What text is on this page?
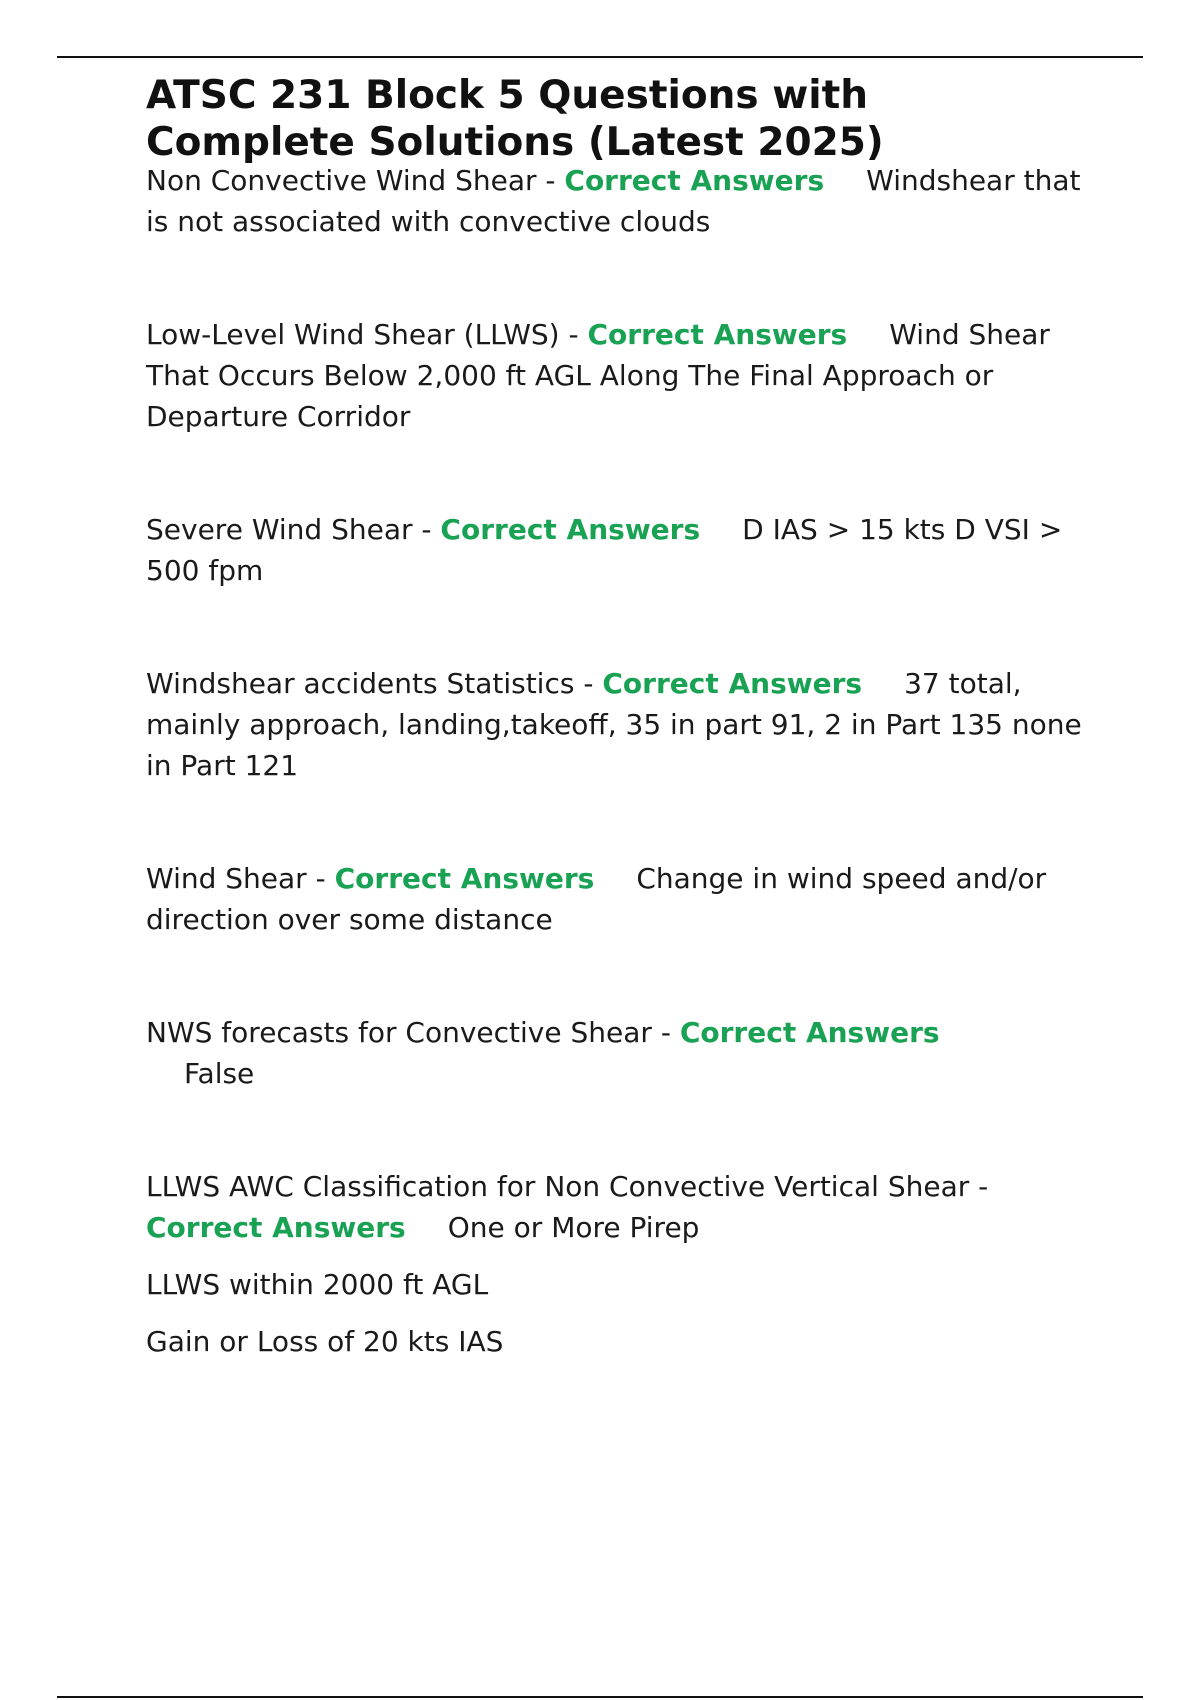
ATSC 231 Block 5 Questions with
Complete Solutions (Latest 2025)

Non Convective Wind Shear - Correct Answers Windshear that is not associated with convective clouds

Low-Level Wind Shear (LLWS) - Correct Answers Wind Shear That Occurs Below 2,000 ft AGL Along The Final Approach or Departure Corridor

Severe Wind Shear - Correct Answers D IAS > 15 kts D VSI > 500 fpm

Windshear accidents Statistics - Correct Answers 37 total, mainly approach, landing,takeoff, 35 in part 91, 2 in Part 135 none in Part 121

Wind Shear - Correct Answers Change in wind speed and/or direction over some distance

NWS forecasts for Convective Shear - Correct Answers
False

LLWS AWC Classification for Non Convective Vertical Shear -
Correct Answers One or More Pirep

LLWS within 2000 ft AGL

Gain or Loss of 20 kts IAS
